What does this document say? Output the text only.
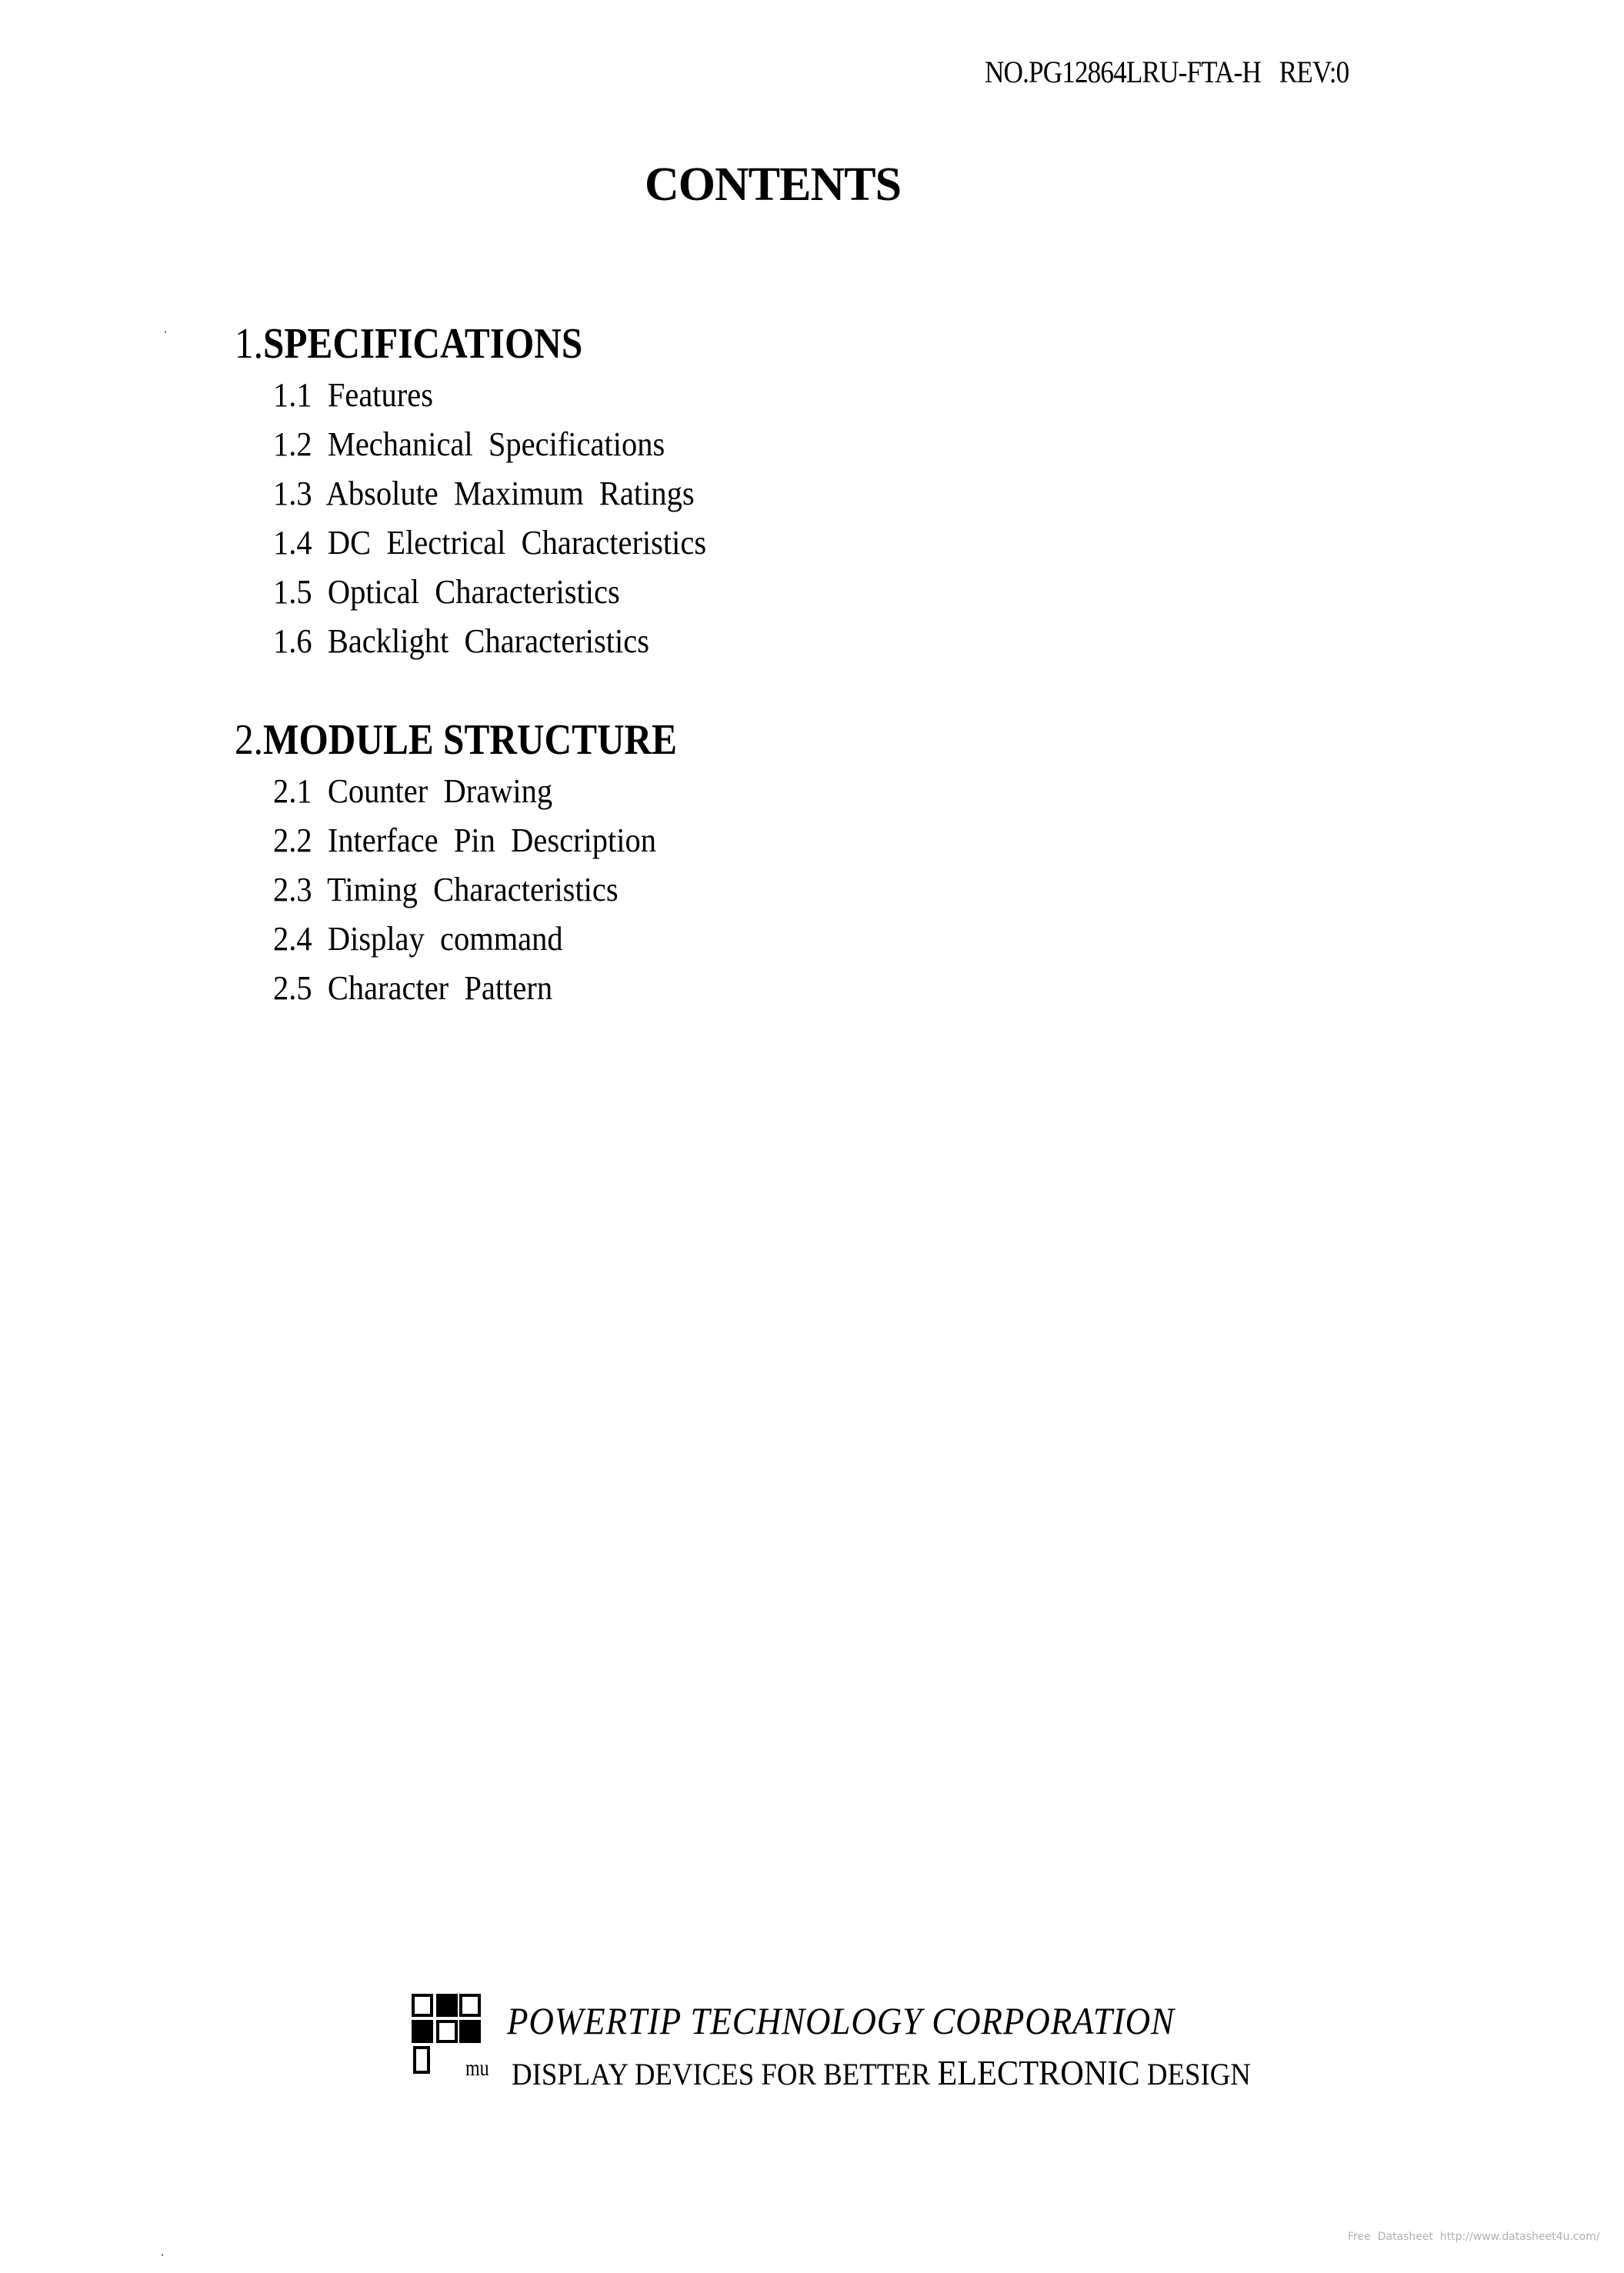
NO.PG12864LRU-FTA-H REV:0
CONTENTS
1.SPECIFICATIONS
1.1 Features
1.2 Mechanical  Specifications
1.3 Absolute  Maximum  Ratings
1.4 DC  Electrical  Characteristics
1.5 Optical  Characteristics
1.6 Backlight  Characteristics
2.MODULE STRUCTURE
2.1 Counter  Drawing
2.2 Interface  Pin  Description
2.3 Timing  Characteristics
2.4 Display  command
2.5 Character  Pattern
POWERTIP TECHNOLOGY CORPORATION
mu DISPLAY DEVICES FOR BETTER ELECTRONIC DESIGN
Free  Datasheet  http://www.datasheet4u.com/
